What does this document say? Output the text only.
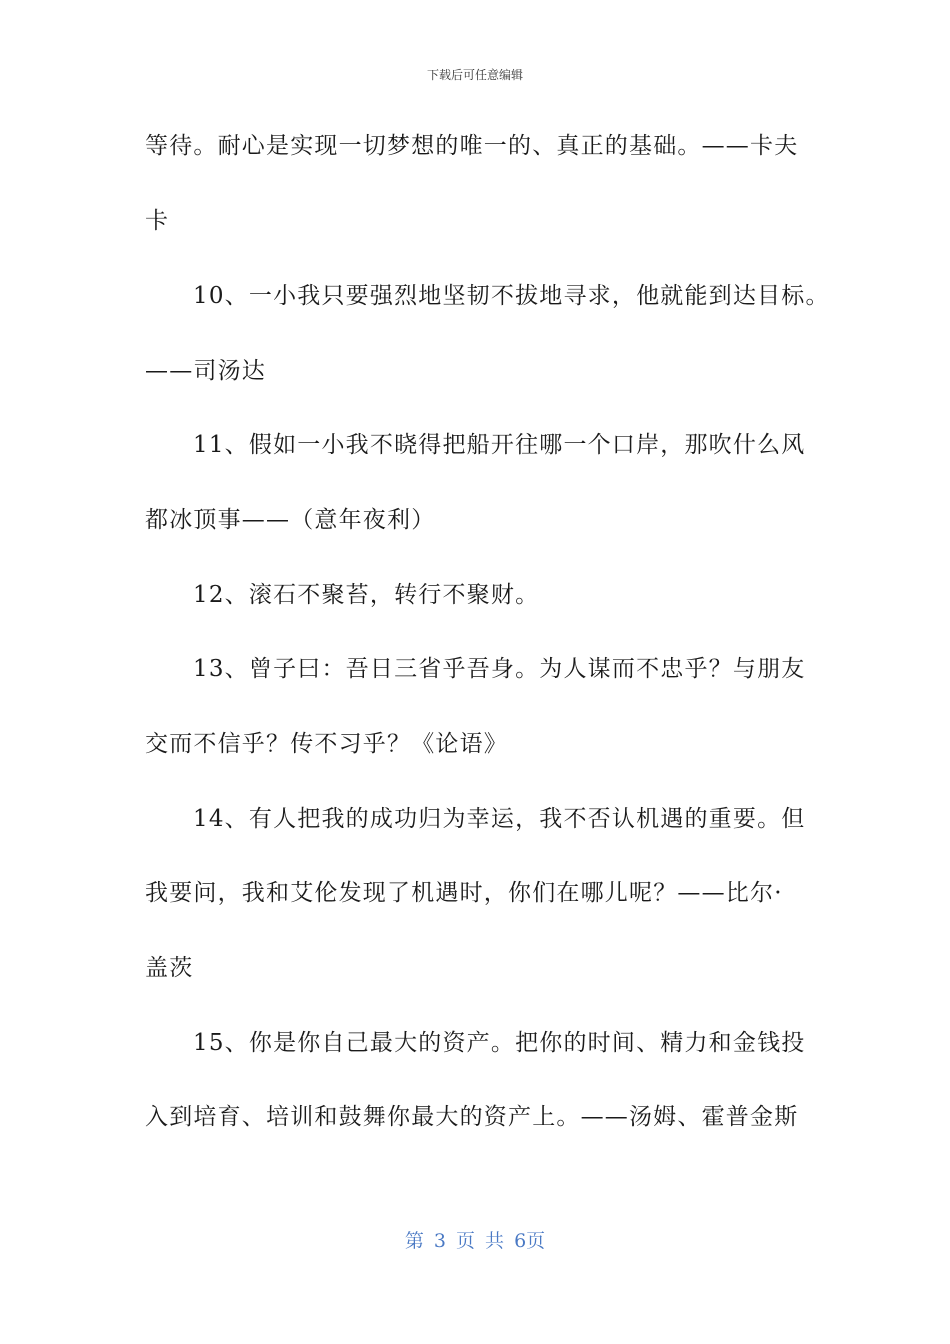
下载后可任意编辑
等待。耐心是实现一切梦想的唯一的、真正的基础。——卡夫
卡
10、一小我只要强烈地坚韧不拔地寻求，他就能到达目标。
——司汤达
11、假如一小我不晓得把船开往哪一个口岸，那吹什么风
都冰顶事——（意年夜利）
12、滚石不聚苔，转行不聚财。
13、曾子曰：吾日三省乎吾身。为人谋而不忠乎？与朋友
交而不信乎？传不习乎？《论语》
14、有人把我的成功归为幸运，我不否认机遇的重要。但
我要问，我和艾伦发现了机遇时，你们在哪儿呢？——比尔·
盖茨
15、你是你自己最大的资产。把你的时间、精力和金钱投
入到培育、培训和鼓舞你最大的资产上。——汤姆、霍普金斯
第 3 页 共 6页
